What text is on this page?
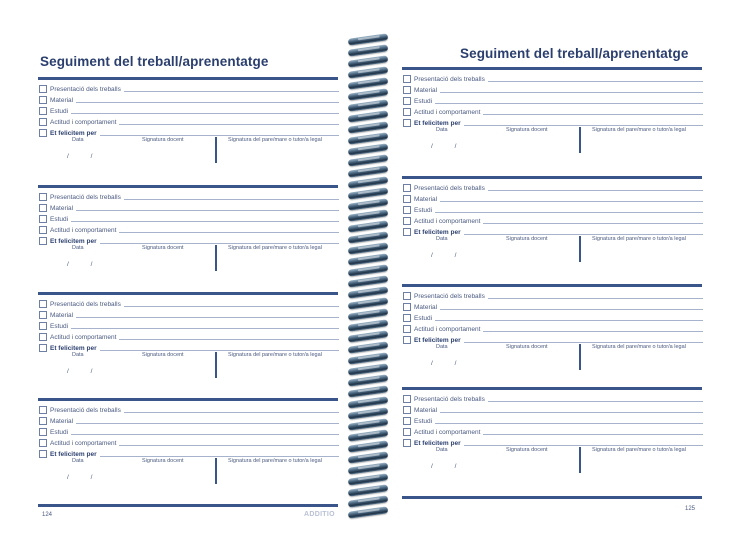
Seguiment del treball/aprenentatge
Presentació dels treballs
Material
Estudi
Actitud i comportament
Et felicitem per
Data	Signatura docent	Signatura del pare/mare o tutor/a legal
/ /
Presentació dels treballs
Material
Estudi
Actitud i comportament
Et felicitem per
Data	Signatura docent	Signatura del pare/mare o tutor/a legal
/ /
Presentació dels treballs
Material
Estudi
Actitud i comportament
Et felicitem per
Data	Signatura docent	Signatura del pare/mare o tutor/a legal
/ /
Presentació dels treballs
Material
Estudi
Actitud i comportament
Et felicitem per
Data	Signatura docent	Signatura del pare/mare o tutor/a legal
/ /
124	ADDITIO
Seguiment del treball/aprenentatge
Presentació dels treballs
Material
Estudi
Actitud i comportament
Et felicitem per
Data	Signatura docent	Signatura del pare/mare o tutor/a legal
/ /
Presentació dels treballs
Material
Estudi
Actitud i comportament
Et felicitem per
Data	Signatura docent	Signatura del pare/mare o tutor/a legal
/ /
Presentació dels treballs
Material
Estudi
Actitud i comportament
Et felicitem per
Data	Signatura docent	Signatura del pare/mare o tutor/a legal
/ /
Presentació dels treballs
Material
Estudi
Actitud i comportament
Et felicitem per
Data	Signatura docent	Signatura del pare/mare o tutor/a legal
/ /
125
